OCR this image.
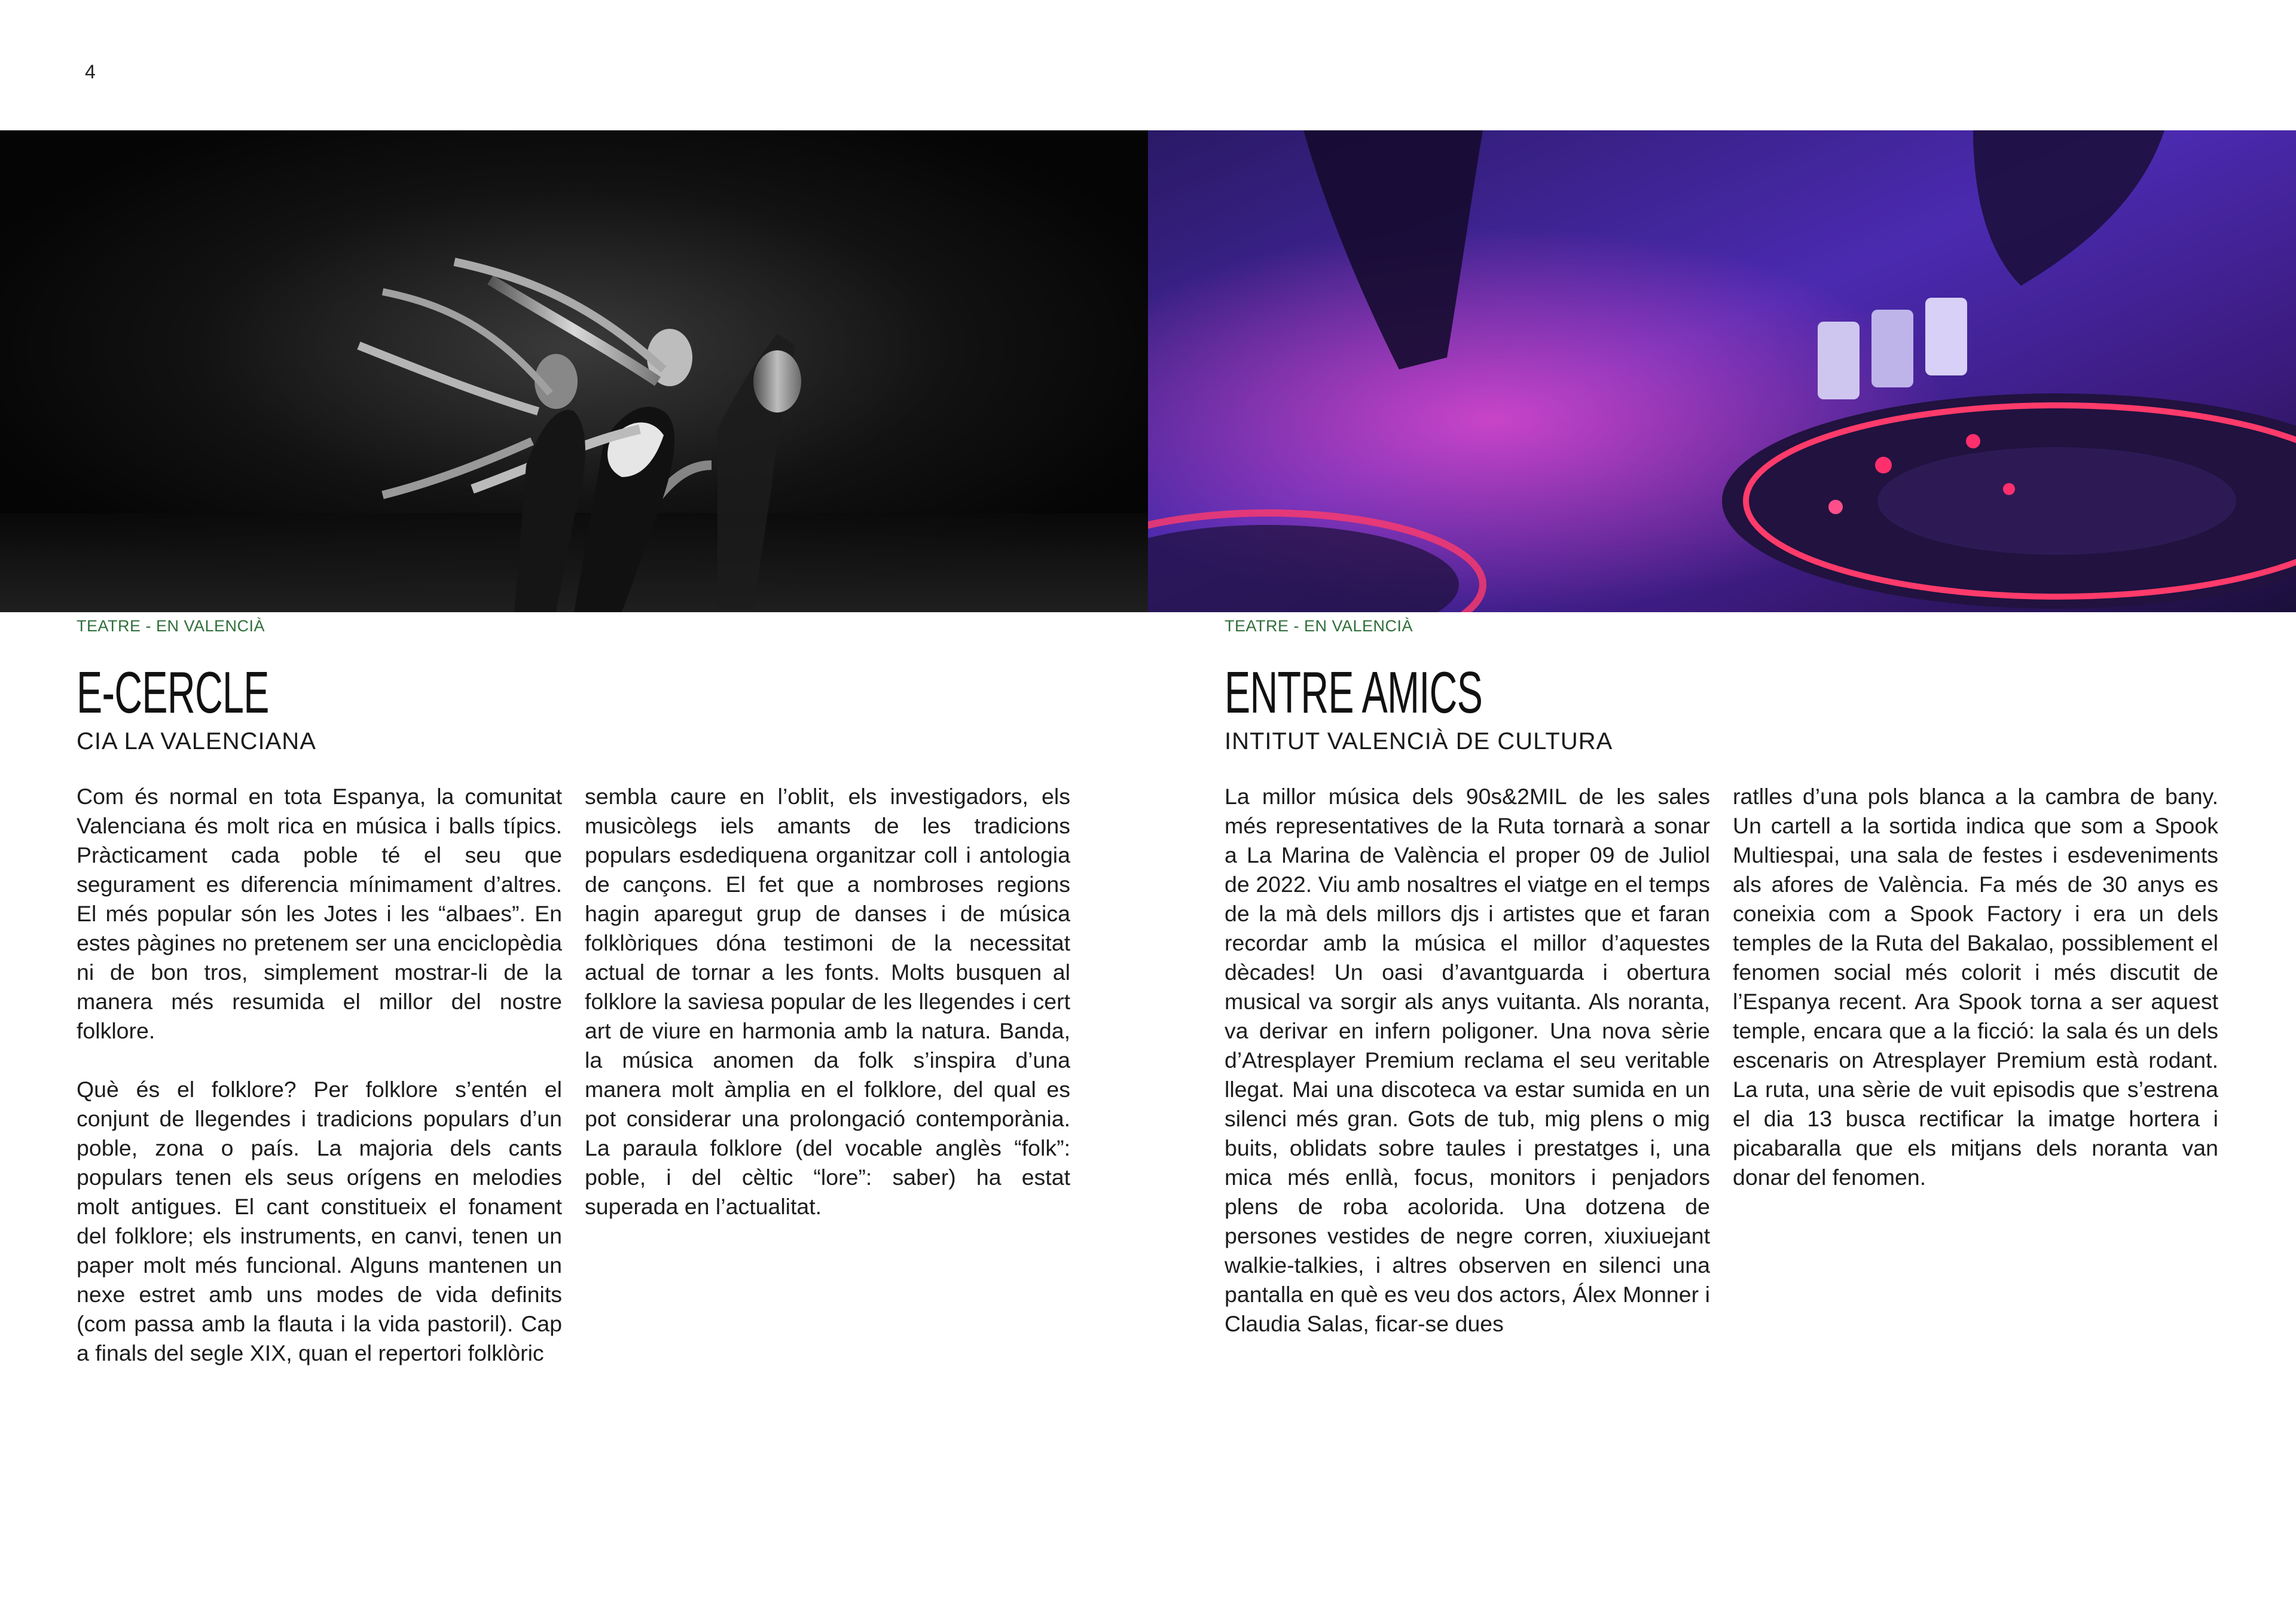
4
TEATRE - EN VALENCIÀ
E-CERCLE
CIA LA VALENCIANA

Com és normal en tota Espanya, la comunitat Valenciana és molt rica en música i balls típics. Pràcticament cada poble té el seu que segurament es diferencia mínimament d’altres. El més popular són les Jotes i les “albaes”. En estes pàgines no pretenem ser una enciclopèdia ni de bon tros, simplement mostrar-li de la manera més resumida el millor del nostre folklore.

Què és el folklore? Per folklore s’entén el conjunt de llegendes i tradicions populars d’un poble, zona o país. La majoria dels cants populars tenen els seus orígens en melodies molt antigues. El cant constitueix el fonament del folklore; els instruments, en canvi, tenen un paper molt més funcional. Alguns mantenen un nexe estret amb uns modes de vida definits (com passa amb la flauta i la vida pastoril). Cap a finals del segle XIX, quan el repertori folklòric

sembla caure en l’oblit, els investigadors, els musicòlegs iels amants de les tradicions populars esdediquena organitzar coll i antologia de cançons. El fet que a nombroses regions hagin aparegut grup de danses i de música folklòriques dóna testimoni de la necessitat actual de tornar a les fonts. Molts busquen al folklore la saviesa popular de les llegendes i cert art de viure en harmonia amb la natura. Banda, la música anomen da folk s’inspira d’una manera molt àmplia en el folklore, del qual es pot considerar una prolongació contemporània. La paraula folklore (del vocable anglès “folk”: poble, i del cèltic “lore”: saber) ha estat superada en l’actualitat.

TEATRE - EN VALENCIÀ
ENTRE AMICS
INTITUT VALENCIÀ DE CULTURA

La millor música dels 90s&2MIL de les sales més representatives de la Ruta tornarà a sonar a La Marina de València el proper 09 de Juliol de 2022. Viu amb nosaltres el viatge en el temps de la mà dels millors djs i artistes que et faran recordar amb la música el millor d’aquestes dècades! Un oasi d’avantguarda i obertura musical va sorgir als anys vuitanta. Als noranta, va derivar en infern poligoner. Una nova sèrie d’Atresplayer Premium reclama el seu veritable llegat. Mai una discoteca va estar sumida en un silenci més gran. Gots de tub, mig plens o mig buits, oblidats sobre taules i prestatges i, una mica més enllà, focus, monitors i penjadors plens de roba acolorida. Una dotzena de persones vestides de negre corren, xiuxiuejant walkie-talkies, i altres observen en silenci una pantalla en què es veu dos actors, Álex Monner i Claudia Salas, ficar-se dues

ratlles d’una pols blanca a la cambra de bany. Un cartell a la sortida indica que som a Spook Multiespai, una sala de festes i esdeveniments als afores de València. Fa més de 30 anys es coneixia com a Spook Factory i era un dels temples de la Ruta del Bakalao, possiblement el fenomen social més colorit i més discutit de l’Espanya recent. Ara Spook torna a ser aquest temple, encara que a la ficció: la sala és un dels escenaris on Atresplayer Premium està rodant. La ruta, una sèrie de vuit episodis que s’estrena el dia 13 busca rectificar la imatge hortera i picabaralla que els mitjans dels noranta van donar del fenomen.
